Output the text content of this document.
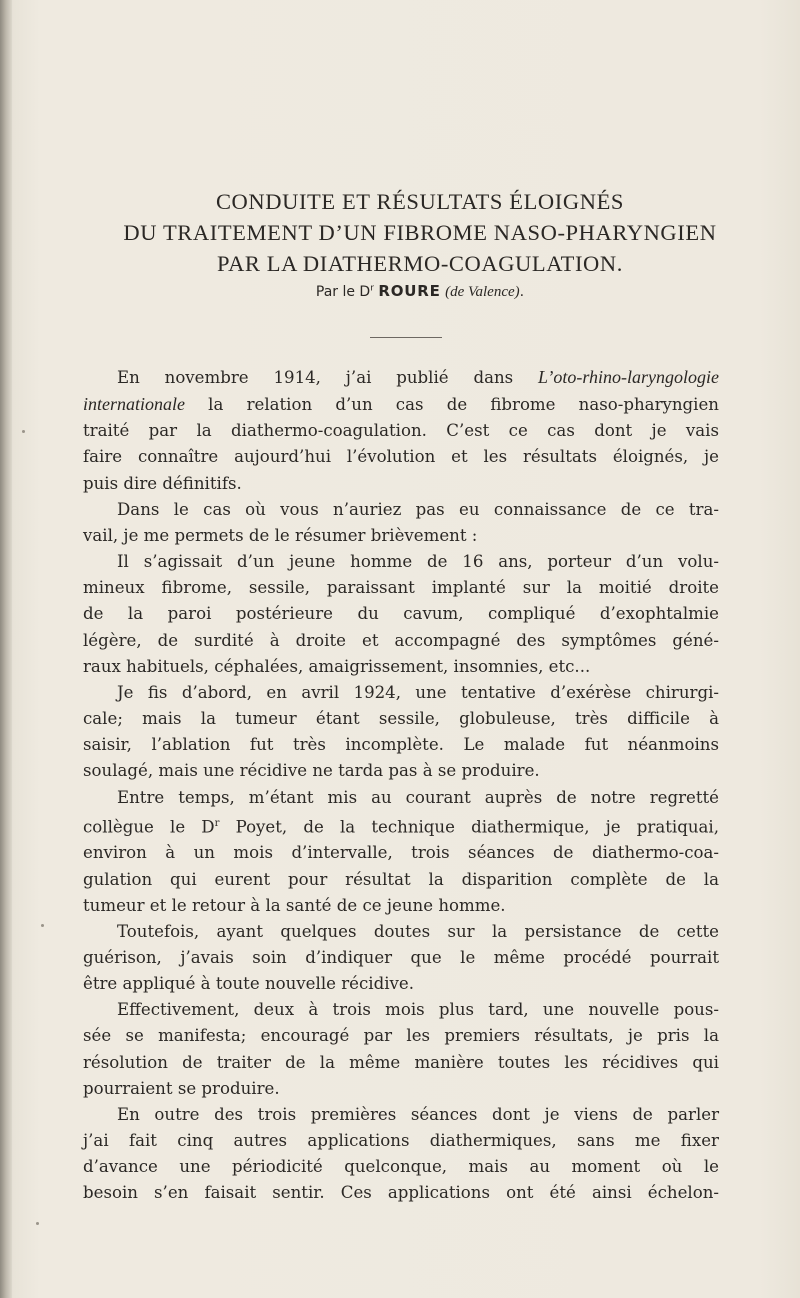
CONDUITE ET RÉSULTATS ÉLOIGNÉS
DU TRAITEMENT D’UN FIBROME NASO-PHARYNGIEN
PAR LA DIATHERMO-COAGULATION.
Par le $D^r$ ROURE (de Valence).
En novembre 1914, j’ai publié dans L’oto-rhino-laryngologie
internationale la relation d’un cas de fibrome naso-pharyngien
traité par la diathermo-coagulation. C’est ce cas dont je vais
faire connaître aujourd’hui l’évolution et les résultats éloignés, je
puis dire définitifs.
Dans le cas où vous n’auriez pas eu connaissance de ce tra-
vail, je me permets de le résumer brièvement :
Il s’agissait d’un jeune homme de 16 ans, porteur d’un volu-
mineux fibrome, sessile, paraissant implanté sur la moitié droite
de la paroi postérieure du cavum, compliqué d’exophtalmie
légère, de surdité à droite et accompagné des symptômes géné-
raux habituels, céphalées, amaigrissement, insomnies, etc...
Je fis d’abord, en avril 1924, une tentative d’exérèse chirurgi-
cale; mais la tumeur étant sessile, globuleuse, très difficile à
saisir, l’ablation fut très incomplète. Le malade fut néanmoins
soulagé, mais une récidive ne tarda pas à se produire.
Entre temps, m’étant mis au courant auprès de notre regretté
collègue le $D^r$ Poyet, de la technique diathermique, je pratiquai,
environ à un mois d’intervalle, trois séances de diathermo-coa-
gulation qui eurent pour résultat la disparition complète de la
tumeur et le retour à la santé de ce jeune homme.
Toutefois, ayant quelques doutes sur la persistance de cette
guérison, j’avais soin d’indiquer que le même procédé pourrait
être appliqué à toute nouvelle récidive.
Effectivement, deux à trois mois plus tard, une nouvelle pous-
sée se manifesta; encouragé par les premiers résultats, je pris la
résolution de traiter de la même manière toutes les récidives qui
pourraient se produire.
En outre des trois premières séances dont je viens de parler
j’ai fait cinq autres applications diathermiques, sans me fixer
d’avance une périodicité quelconque, mais au moment où le
besoin s’en faisait sentir. Ces applications ont été ainsi échelon-
